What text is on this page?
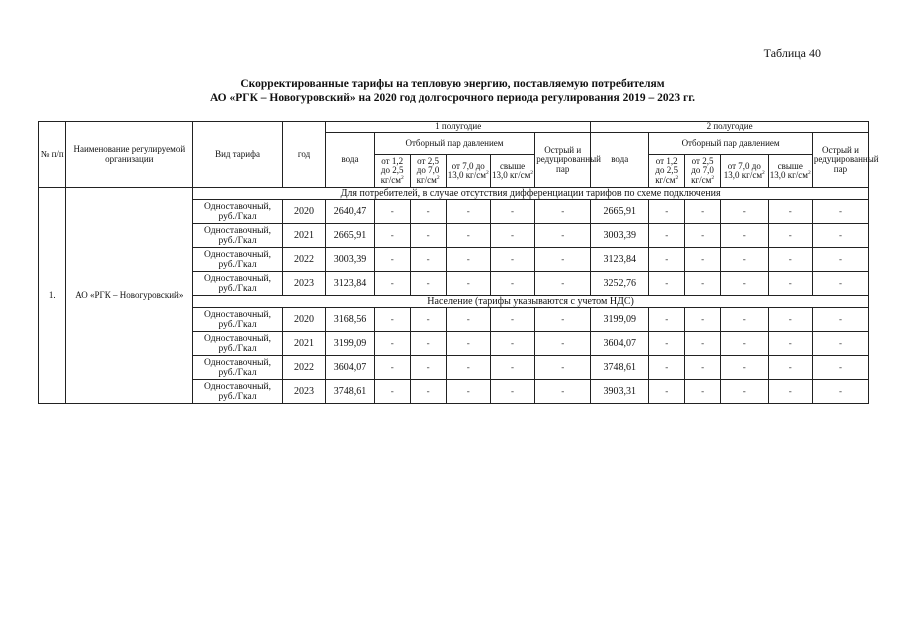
Таблица 40
Скорректированные тарифы на тепловую энергию, поставляемую потребителям
АО «РГК – Новогуровский» на 2020 год долгосрочного периода регулирования 2019 – 2023 гг.
№ п/п	Наименование регулируемой организации	Вид тарифа	год	1 полугодие						2 полугодие					
				вода	Отборный пар давлением				Острый и редуцированный пар	вода	Отборный пар давлением				Острый и редуцированный пар
					от 1,2 до 2,5 $кг/см^2$	от 2,5 до 7,0 $кг/см^2$	от 7,0 до 13,0 $кг/см^2$	свыше 13,0 $кг/см^2$			от 1,2 до 2,5 $кг/см^2$	от 2,5 до 7,0 $кг/см^2$	от 7,0 до 13,0 $кг/см^2$	свыше 13,0 $кг/см^2$
1.	АО «РГК – Новогуровский»	Для потребителей, в случае отсутствия дифференциации тарифов по схеме подключения													
		Одноставочный, руб./Гкал	2020	2640,47	-	-	-	-	-	2665,91	-	-	-	-	-
		Одноставочный, руб./Гкал	2021	2665,91	-	-	-	-	-	3003,39	-	-	-	-	-
		Одноставочный, руб./Гкал	2022	3003,39	-	-	-	-	-	3123,84	-	-	-	-	-
		Одноставочный, руб./Гкал	2023	3123,84	-	-	-	-	-	3252,76	-	-	-	-	-
		Население (тарифы указываются с учетом НДС)													
		Одноставочный, руб./Гкал	2020	3168,56	-	-	-	-	-	3199,09	-	-	-	-	-
		Одноставочный, руб./Гкал	2021	3199,09	-	-	-	-	-	3604,07	-	-	-	-	-
		Одноставочный, руб./Гкал	2022	3604,07	-	-	-	-	-	3748,61	-	-	-	-	-
		Одноставочный, руб./Гкал	2023	3748,61	-	-	-	-	-	3903,31	-	-	-	-	-
